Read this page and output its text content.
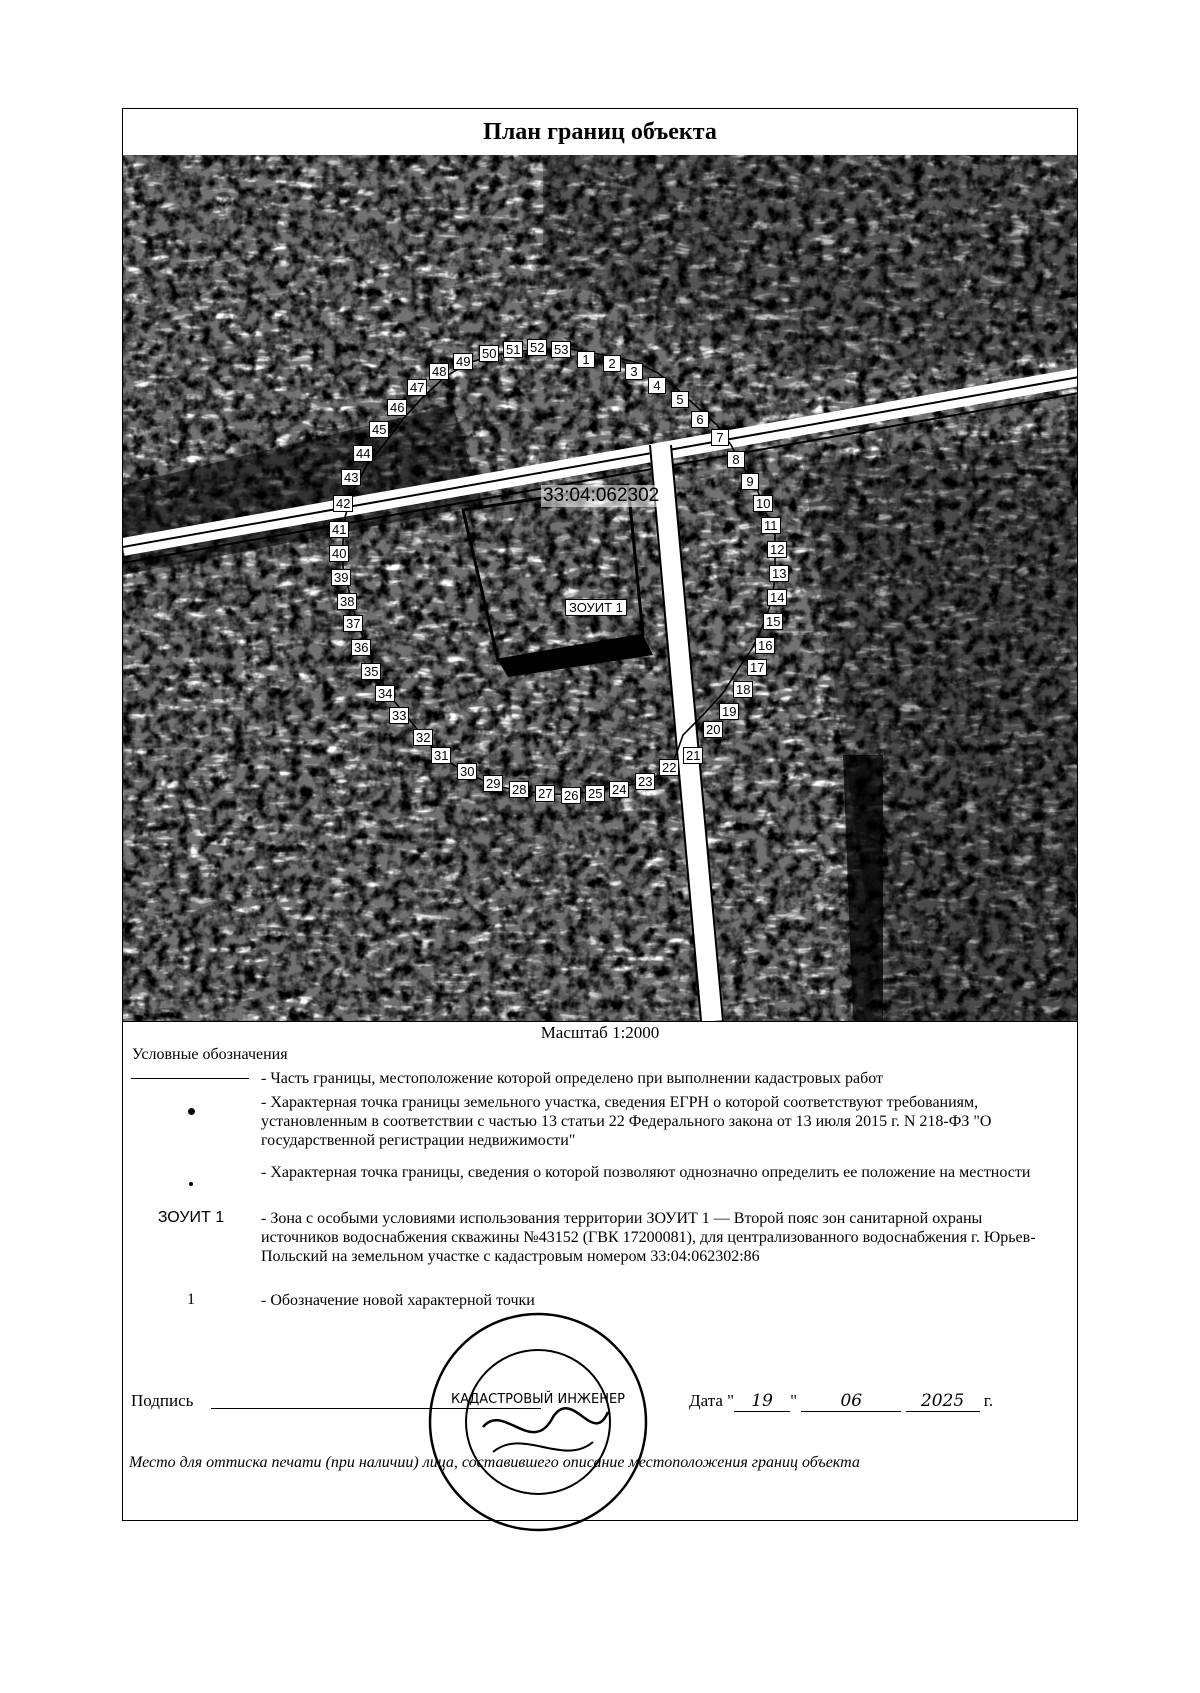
План границ объекта
33:04:062302
ЗОУИТ 1
1	2
3
4
5
6
7
8
9
10
11
12
13
14
15
16
17
18
19
20
21
22
23
24
25
26
27
28
29
30
31
32
33
34
35
36
37
38
39
40
41
42
43
44
45
46
47
48
49
50 51 52 53
Масштаб 1:2000
Условные обозначения
- Часть границы, местоположение которой определено при выполнении кадастровых работ
- Характерная точка границы земельного участка, сведения ЕГРН о которой соответствуют требованиям, установленным в соответствии с частью 13 статьи 22 Федерального закона от 13 июля 2015 г. N 218-ФЗ "О государственной регистрации недвижимости"
- Характерная точка границы, сведения о которой позволяют однозначно определить ее положение на местности
ЗОУИТ 1	- Зона с особыми условиями использования территории ЗОУИТ 1 — Второй пояс зон санитарной охраны источников водоснабжения скважины №43152 (ГВК 17200081), для централизованного водоснабжения г. Юрьев-Польский на земельном участке с кадастровым номером 33:04:062302:86
1	- Обозначение новой характерной точки
Подпись	КАДАСТРОВЫЙ ИНЖЕНЕР	Дата " 19 "	06	2025 г.
Место для оттиска печати (при наличии) лица, составившего описание местоположения границ объекта
